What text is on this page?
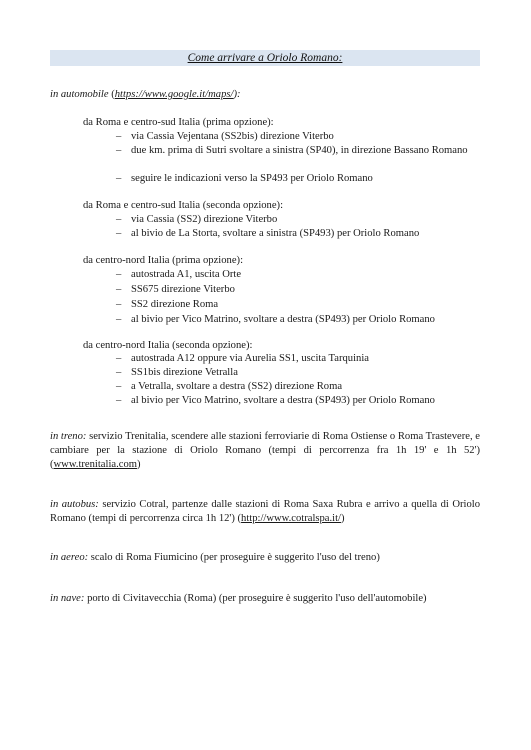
Come arrivare a Oriolo Romano:
in automobile (https://www.google.it/maps/):
da Roma e centro-sud Italia (prima opzione):
– via Cassia Vejentana (SS2bis) direzione Viterbo
– due km. prima di Sutri svoltare a sinistra (SP40), in direzione Bassano Romano
– seguire le indicazioni verso la SP493 per Oriolo Romano
da Roma e centro-sud Italia (seconda opzione):
– via Cassia (SS2) direzione Viterbo
– al bivio de La Storta, svoltare a sinistra (SP493) per Oriolo Romano
da centro-nord Italia (prima opzione):
– autostrada A1, uscita Orte
– SS675 direzione Viterbo
– SS2 direzione Roma
– al bivio per Vico Matrino, svoltare a destra (SP493) per Oriolo Romano
da centro-nord Italia (seconda opzione):
– autostrada A12 oppure via Aurelia SS1, uscita Tarquinia
– SS1bis direzione Vetralla
– a Vetralla, svoltare a destra (SS2) direzione Roma
– al bivio per Vico Matrino, svoltare a destra (SP493) per Oriolo Romano
in treno: servizio Trenitalia, scendere alle stazioni ferroviarie di Roma Ostiense o Roma Trastevere, e cambiare per la stazione di Oriolo Romano (tempi di percorrenza fra 1h 19' e 1h 52') (www.trenitalia.com)
in autobus: servizio Cotral, partenze dalle stazioni di Roma Saxa Rubra e arrivo a quella di Oriolo Romano (tempi di percorrenza circa 1h 12') (http://www.cotralspa.it/)
in aereo: scalo di Roma Fiumicino (per proseguire è suggerito l'uso del treno)
in nave: porto di Civitavecchia (Roma) (per proseguire è suggerito l'uso dell'automobile)
